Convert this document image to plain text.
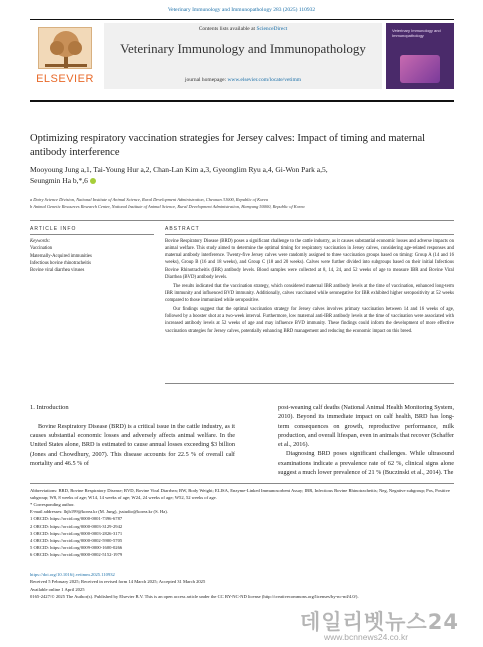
Veterinary Immunology and Immunopathology 283 (2025) 110932
ELSEVIER
Contents lists available at ScienceDirect
Veterinary Immunology and Immunopathology
journal homepage: www.elsevier.com/locate/vetimm
Veterinary Immunology and Immunopathology
Optimizing respiratory vaccination strategies for Jersey calves: Impact of timing and maternal antibody interference
Mooyoung Jung a,1, Tai-Young Hur a,2, Chan-Lan Kim a,3, Gyeonglim Ryu a,4, Gi-Won Park a,5,
Seungmin Ha b,*,6
a Dairy Science Division, National Institute of Animal Science, Rural Development Administration, Cheonan 31000, Republic of Korea
b Animal Genetic Resources Research Center, National Institute of Animal Science, Rural Development Administration, Hamyang 50000, Republic of Korea
ARTICLE INFO	ABSTRACT
Keywords:
Vaccination
Maternally-Acquired immunities
Infectious bovine rhinotracheitis
Bovine viral diarrhea viruses

Bovine Respiratory Disease (BRD) poses a significant challenge to the cattle industry, as it causes substantial economic losses and adverse impacts on animal welfare. This study aimed to determine the optimal timing for respiratory vaccination in Jersey calves, considering age-related responses and maternal antibody interference. Twenty-five Jersey calves were randomly assigned to three vaccination groups based on timing: Group A (14 and 16 weeks), Group B (16 and 18 weeks), and Group C (18 and 20 weeks). Calves were further divided into subgroups based on their initial Infectious Bovine Rhinotracheitis (IBR) antibody levels. Blood samples were collected at 8, 14, 24, and 52 weeks of age to measure IBR and Bovine Viral Diarrhea (BVD) antibody levels.

The results indicated that the vaccination strategy, which considered maternal IBR antibody levels at the time of vaccination, enhanced long-term IBR immunity and influenced BVD immunity. Additionally, calves vaccinated while seronegative for IBR exhibited higher seropositivity at 52 weeks compared to those immunized while seropositive.

Our findings suggest that the optimal vaccination strategy for Jersey calves involves primary vaccination between 14 and 16 weeks of age, followed by a booster shot at a two-week interval. Furthermore, low maternal anti-IBR antibody levels at the time of vaccination were associated with increased antibody levels at 52 weeks of age and may influence BVD immunity. These findings could inform the development of more effective vaccination strategies for Jersey calves, potentially enhancing BRD management and reducing the economic impact on this breed.

1. Introduction

Bovine Respiratory Disease (BRD) is a critical issue in the cattle industry, as it causes substantial economic losses and adversely affects animal welfare. In the United States alone, BRD is estimated to cause annual losses exceeding $3 billion (Jones and Chowdhury, 2007). This disease accounts for 22.5 % of overall calf mortality and 46.5 % of

post-weaning calf deaths (National Animal Health Monitoring System, 2010). Beyond its immediate impact on calf health, BRD has long-term consequences on growth, reproductive performance, milk production, and overall lifespan, even in animals that recover (Schaffer et al., 2016).

Diagnosing BRD poses significant challenges. While ultrasound examinations indicate a prevalence rate of 62 %, clinical signs alone suggest a much lower prevalence of 21 % (Buczinski et al., 2014). The

Abbreviations: BRD, Bovine Respiratory Disease; BVD, Bovine Viral Diarrhea; BW, Body Weight; ELISA, Enzyme-Linked Immunosorbent Assay; IBR, Infectious Bovine Rhinotracheitis; Neg, Negative subgroup; Pos, Positive subgroup; W8, 8 weeks of age; W14, 14 weeks of age; W24, 24 weeks of age; W52, 52 weeks of age.
* Corresponding author.
E-mail addresses: lhjh199@korea.kr (M. Jung), jsstudio@korea.kr (S. Ha).
1 ORCID: https://orcid.org/0000-0001-7396-6787
2 ORCID: https://orcid.org/0000-0003-3129-2942
3 ORCID: https://orcid.org/0000-0003-2826-3171
4 ORCID: https://orcid.org/0000-0002-5900-5705
5 ORCID: https://orcid.org/0009-0000-1600-0266
6 ORCID: https://orcid.org/0000-0002-5152-1979
https://doi.org/10.1016/j.vetimm.2025.110932
Received 5 February 2025; Received in revised form 14 March 2025; Accepted 31 March 2025
Available online 1 April 2025
0165-2427/© 2025 The Author(s). Published by Elsevier B.V. This is an open access article under the CC BY-NC-ND license (http://creativecommons.org/licenses/by-nc-nd/4.0/).
데일리벳뉴스24
www.bcnnews24.co.kr
